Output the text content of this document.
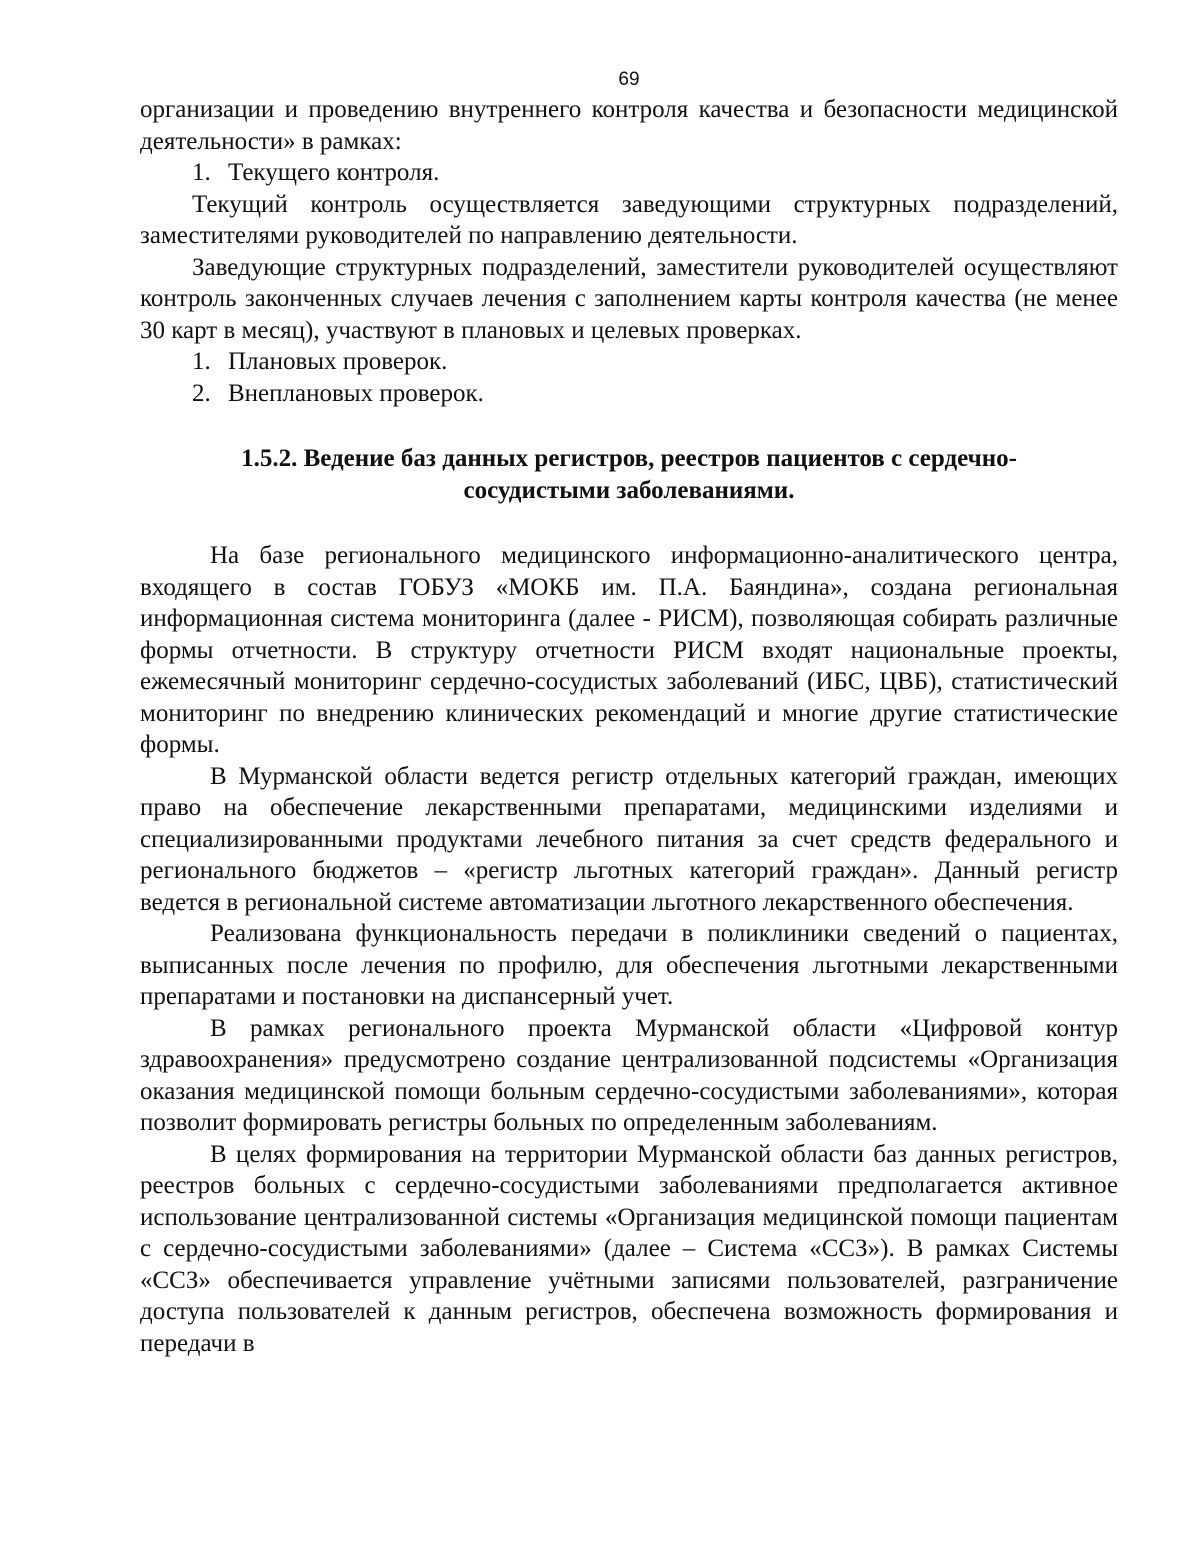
69

организации и проведению внутреннего контроля качества и безопасности медицинской деятельности» в рамках:

1. Текущего контроля.

Текущий контроль осуществляется заведующими структурных подразделений, заместителями руководителей по направлению деятельности.

Заведующие структурных подразделений, заместители руководителей осуществляют контроль законченных случаев лечения с заполнением карты контроля качества (не менее 30 карт в месяц), участвуют в плановых и целевых проверках.

1. Плановых проверок.
2. Внеплановых проверок.
1.5.2. Ведение баз данных регистров, реестров пациентов с сердечно-сосудистыми заболеваниями.

На базе регионального медицинского информационно-аналитического центра, входящего в состав ГОБУЗ «МОКБ им. П.А. Баяндина», создана региональная информационная система мониторинга (далее - РИСМ), позволяющая собирать различные формы отчетности. В структуру отчетности РИСМ входят национальные проекты, ежемесячный мониторинг сердечно-сосудистых заболеваний (ИБС, ЦВБ), статистический мониторинг по внедрению клинических рекомендаций и многие другие статистические формы.

В Мурманской области ведется регистр отдельных категорий граждан, имеющих право на обеспечение лекарственными препаратами, медицинскими изделиями и специализированными продуктами лечебного питания за счет средств федерального и регионального бюджетов – «регистр льготных категорий граждан». Данный регистр ведется в региональной системе автоматизации льготного лекарственного обеспечения.

Реализована функциональность передачи в поликлиники сведений о пациентах, выписанных после лечения по профилю, для обеспечения льготными лекарственными препаратами и постановки на диспансерный учет.

В рамках регионального проекта Мурманской области «Цифровой контур здравоохранения» предусмотрено создание централизованной подсистемы «Организация оказания медицинской помощи больным сердечно-сосудистыми заболеваниями», которая позволит формировать регистры больных по определенным заболеваниям.

В целях формирования на территории Мурманской области баз данных регистров, реестров больных с сердечно-сосудистыми заболеваниями предполагается активное использование централизованной системы «Организация медицинской помощи пациентам с сердечно-сосудистыми заболеваниями» (далее – Система «ССЗ»). В рамках Системы «ССЗ» обеспечивается управление учётными записями пользователей, разграничение доступа пользователей к данным регистров, обеспечена возможность формирования и передачи в
